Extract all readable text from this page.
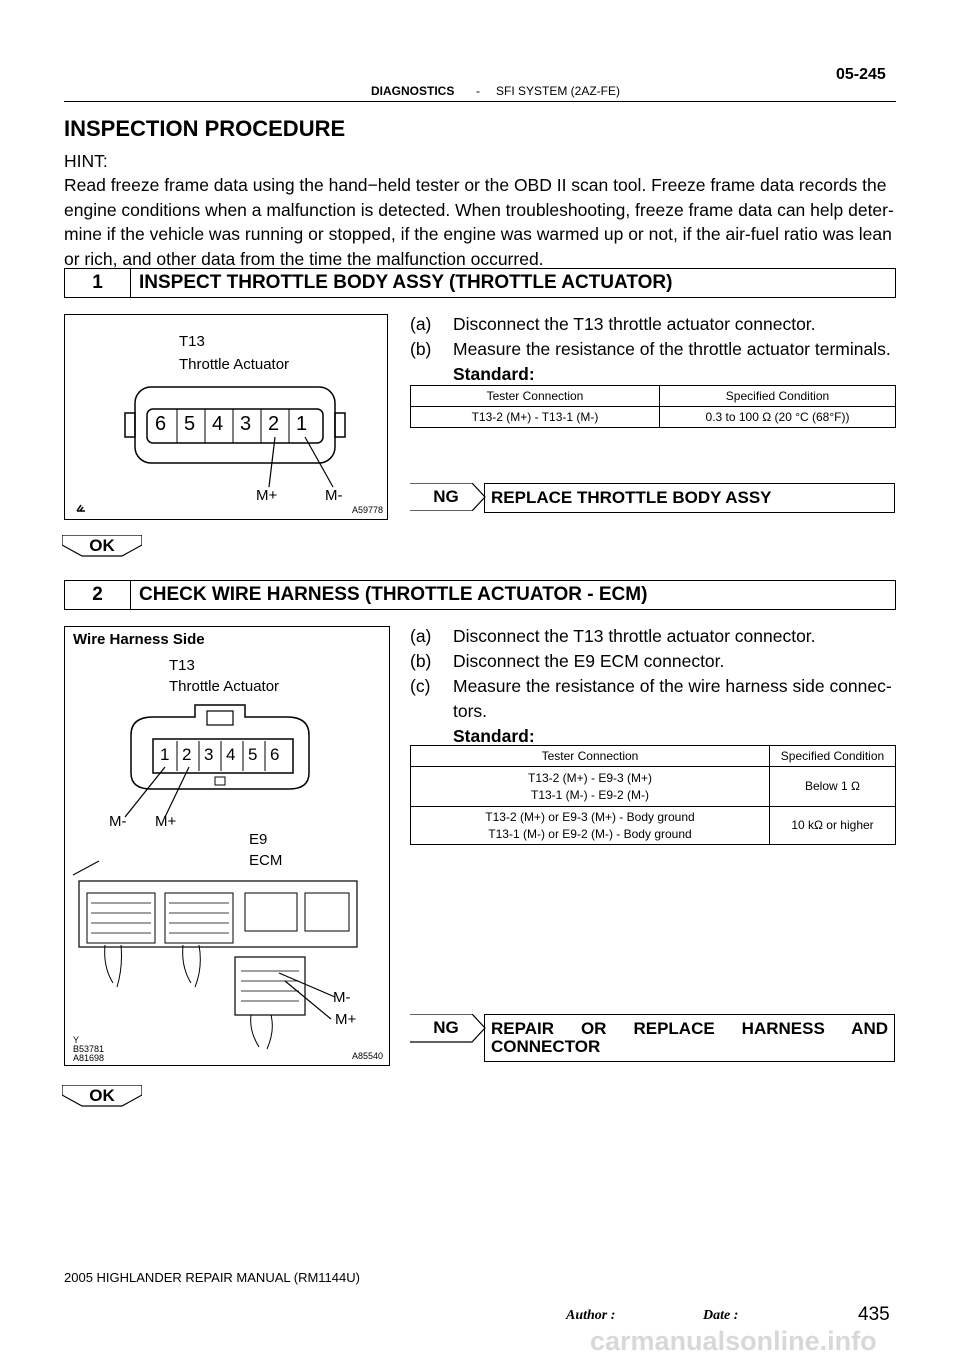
05-245
DIAGNOSTICS - SFI SYSTEM (2AZ-FE)
INSPECTION PROCEDURE
HINT:
Read freeze frame data using the hand−held tester or the OBD II scan tool. Freeze frame data records the
engine conditions when a malfunction is detected. When troubleshooting, freeze frame data can help deter-
mine if the vehicle was running or stopped, if the engine was warmed up or not, if the air-fuel ratio was lean
or rich, and other data from the time the malfunction occurred.
1	INSPECT THROTTLE BODY ASSY (THROTTLE ACTUATOR)
T13
Throttle Actuator
6 5 4 3 2 1
M+	M-
A59778
(a) Disconnect the T13 throttle actuator connector.
(b) Measure the resistance of the throttle actuator terminals.
Standard:
Tester Connection	Specified Condition
T13-2 (M+) - T13-1 (M-)	0.3 to 100 Ω (20 °C (68°F))
NG	REPLACE THROTTLE BODY ASSY
OK
2	CHECK WIRE HARNESS (THROTTLE ACTUATOR - ECM)
Wire Harness Side
T13
Throttle Actuator
1 2 3 4 5 6
M- M+
E9
ECM
M-
M+
Y
B53781
A81698	A85540
(a) Disconnect the T13 throttle actuator connector.
(b) Disconnect the E9 ECM connector.
(c) Measure the resistance of the wire harness side connec-
tors.
Standard:
Tester Connection	Specified Condition

T13-2 (M+) - E9-3 (M+)
T13-1 (M-) - E9-2 (M-)	Below 1 Ω

T13-2 (M+) or E9-3 (M+) - Body ground
T13-1 (M-) or E9-2 (M-) - Body ground	10 kΩ or higher
NG	REPAIR OR REPLACE HARNESS AND
CONNECTOR
OK
2005 HIGHLANDER REPAIR MANUAL (RM1144U)
Author :	Date :	435
carmanualsonline.info
